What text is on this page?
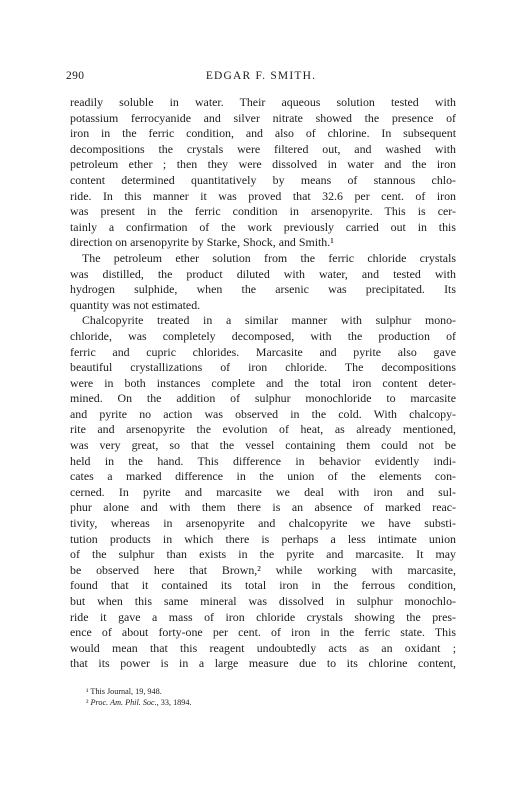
290	EDGAR F. SMITH.
readily soluble in water. Their aqueous solution tested with
potassium ferrocyanide and silver nitrate showed the presence of
iron in the ferric condition, and also of chlorine. In subsequent
decompositions the crystals were filtered out, and washed with
petroleum ether ; then they were dissolved in water and the iron
content determined quantitatively by means of stannous chlo-
ride. In this manner it was proved that 32.6 per cent. of iron
was present in the ferric condition in arsenopyrite. This is cer-
tainly a confirmation of the work previously carried out in this
direction on arsenopyrite by Starke, Shock, and Smith.¹
The petroleum ether solution from the ferric chloride crystals
was distilled, the product diluted with water, and tested with
hydrogen sulphide, when the arsenic was precipitated. Its
quantity was not estimated.
Chalcopyrite treated in a similar manner with sulphur mono-
chloride, was completely decomposed, with the production of
ferric and cupric chlorides. Marcasite and pyrite also gave
beautiful crystallizations of iron chloride. The decompositions
were in both instances complete and the total iron content deter-
mined. On the addition of sulphur monochloride to marcasite
and pyrite no action was observed in the cold. With chalcopy-
rite and arsenopyrite the evolution of heat, as already mentioned,
was very great, so that the vessel containing them could not be
held in the hand. This difference in behavior evidently indi-
cates a marked difference in the union of the elements con-
cerned. In pyrite and marcasite we deal with iron and sul-
phur alone and with them there is an absence of marked reac-
tivity, whereas in arsenopyrite and chalcopyrite we have substi-
tution products in which there is perhaps a less intimate union
of the sulphur than exists in the pyrite and marcasite. It may
be observed here that Brown,² while working with marcasite,
found that it contained its total iron in the ferrous condition,
but when this same mineral was dissolved in sulphur monochlo-
ride it gave a mass of iron chloride crystals showing the pres-
ence of about forty-one per cent. of iron in the ferric state. This
would mean that this reagent undoubtedly acts as an oxidant ;
that its power is in a large measure due to its chlorine content,
¹ This Journal, 19, 948.
² Proc. Am. Phil. Soc., 33, 1894.
